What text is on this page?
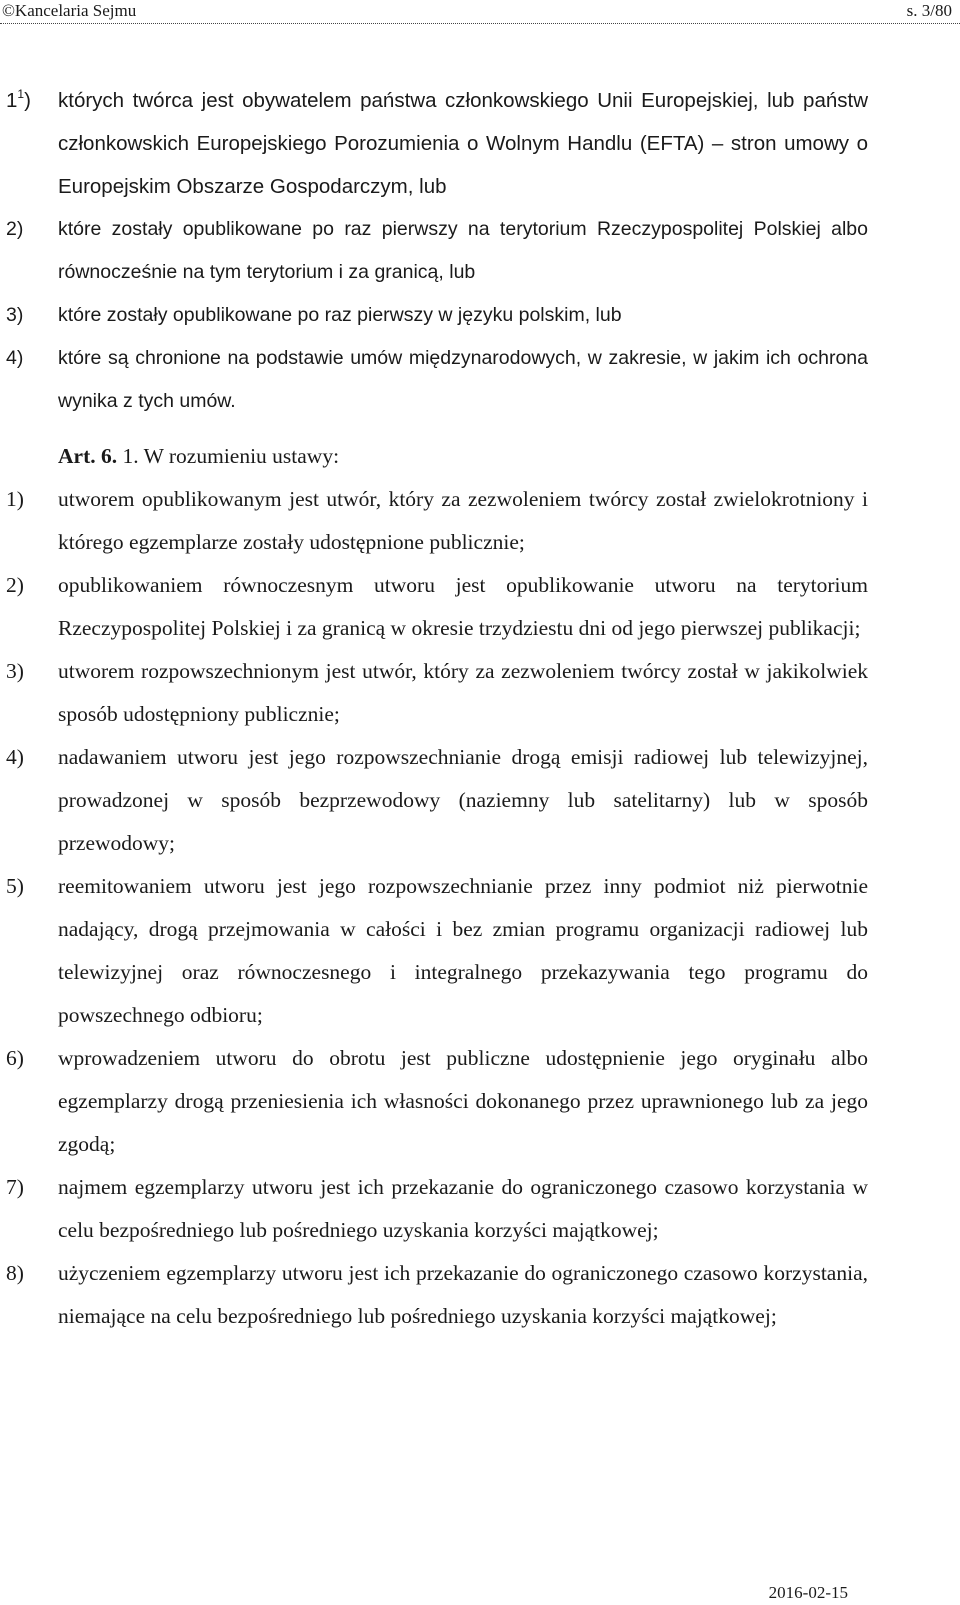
©Kancelaria Sejmu	s. 3/80
$1^1$) których twórca jest obywatelem państwa członkowskiego Unii Europejskiej, lub państw członkowskich Europejskiego Porozumienia o Wolnym Handlu (EFTA) – stron umowy o Europejskim Obszarze Gospodarczym, lub
2) które zostały opublikowane po raz pierwszy na terytorium Rzeczypospolitej Polskiej albo równocześnie na tym terytorium i za granicą, lub
3) które zostały opublikowane po raz pierwszy w języku polskim, lub
4) które są chronione na podstawie umów międzynarodowych, w zakresie, w jakim ich ochrona wynika z tych umów.
Art. 6. 1. W rozumieniu ustawy:
1) utworem opublikowanym jest utwór, który za zezwoleniem twórcy został zwielokrotniony i którego egzemplarze zostały udostępnione publicznie;
2) opublikowaniem równoczesnym utworu jest opublikowanie utworu na terytorium Rzeczypospolitej Polskiej i za granicą w okresie trzydziestu dni od jego pierwszej publikacji;
3) utworem rozpowszechnionym jest utwór, który za zezwoleniem twórcy został w jakikolwiek sposób udostępniony publicznie;
4) nadawaniem utworu jest jego rozpowszechnianie drogą emisji radiowej lub telewizyjnej, prowadzonej w sposób bezprzewodowy (naziemny lub satelitarny) lub w sposób przewodowy;
5) reemitowaniem utworu jest jego rozpowszechnianie przez inny podmiot niż pierwotnie nadający, drogą przejmowania w całości i bez zmian programu organizacji radiowej lub telewizyjnej oraz równoczesnego i integralnego przekazywania tego programu do powszechnego odbioru;
6) wprowadzeniem utworu do obrotu jest publiczne udostępnienie jego oryginału albo egzemplarzy drogą przeniesienia ich własności dokonanego przez uprawnionego lub za jego zgodą;
7) najmem egzemplarzy utworu jest ich przekazanie do ograniczonego czasowo korzystania w celu bezpośredniego lub pośredniego uzyskania korzyści majątkowej;
8) użyczeniem egzemplarzy utworu jest ich przekazanie do ograniczonego czasowo korzystania, niemające na celu bezpośredniego lub pośredniego uzyskania korzyści majątkowej;
2016-02-15
